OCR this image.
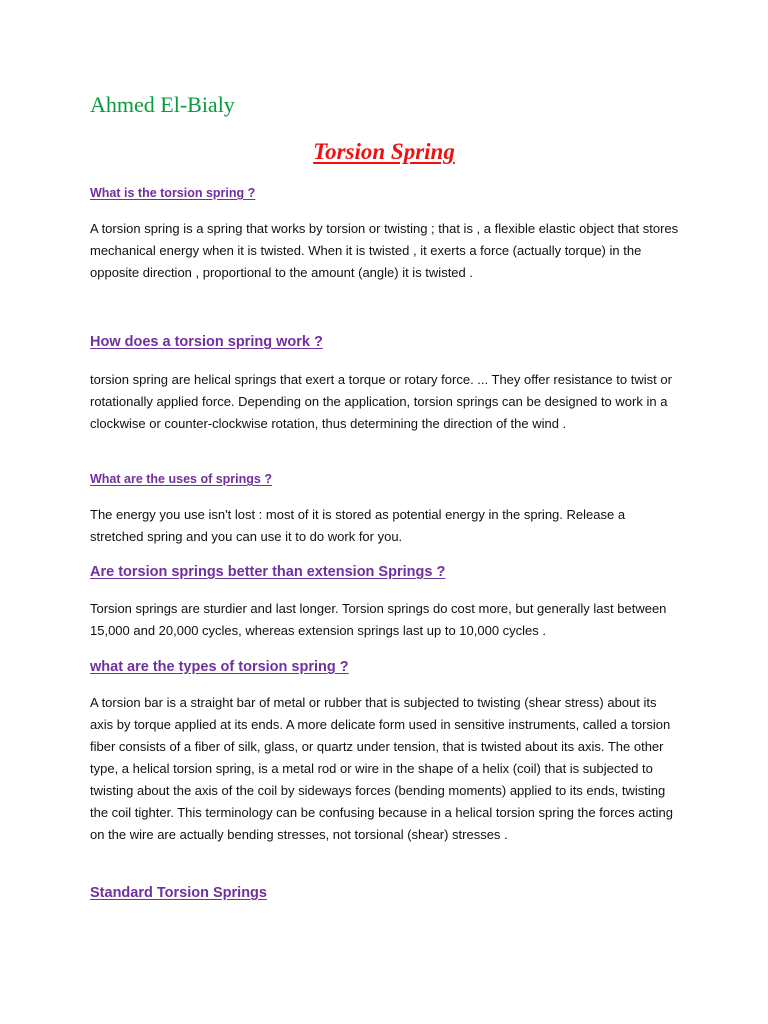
Ahmed El-Bialy
Torsion Spring
What is the torsion spring ?

A torsion spring is a spring that works by torsion or twisting ; that is , a flexible elastic object that stores mechanical energy when it is twisted. When it is twisted , it exerts a force (actually torque) in the opposite direction , proportional to the amount (angle) it is twisted .

How does a torsion spring work ?

torsion spring are helical springs that exert a torque or rotary force. ... They offer resistance to twist or rotationally applied force. Depending on the application, torsion springs can be designed to work in a clockwise or counter-clockwise rotation, thus determining the direction of the wind .

What are the uses of springs ?

The energy you use isn't lost : most of it is stored as potential energy in the spring. Release a stretched spring and you can use it to do work for you.

Are torsion springs better than extension Springs ?

Torsion springs are sturdier and last longer. Torsion springs do cost more, but generally last between 15,000 and 20,000 cycles, whereas extension springs last up to 10,000 cycles .

what are the types of torsion spring ?

A torsion bar is a straight bar of metal or rubber that is subjected to twisting (shear stress) about its axis by torque applied at its ends. A more delicate form used in sensitive instruments, called a torsion fiber consists of a fiber of silk, glass, or quartz under tension, that is twisted about its axis. The other type, a helical torsion spring, is a metal rod or wire in the shape of a helix (coil) that is subjected to twisting about the axis of the coil by sideways forces (bending moments) applied to its ends, twisting the coil tighter. This terminology can be confusing because in a helical torsion spring the forces acting on the wire are actually bending stresses, not torsional (shear) stresses .

Standard Torsion Springs
